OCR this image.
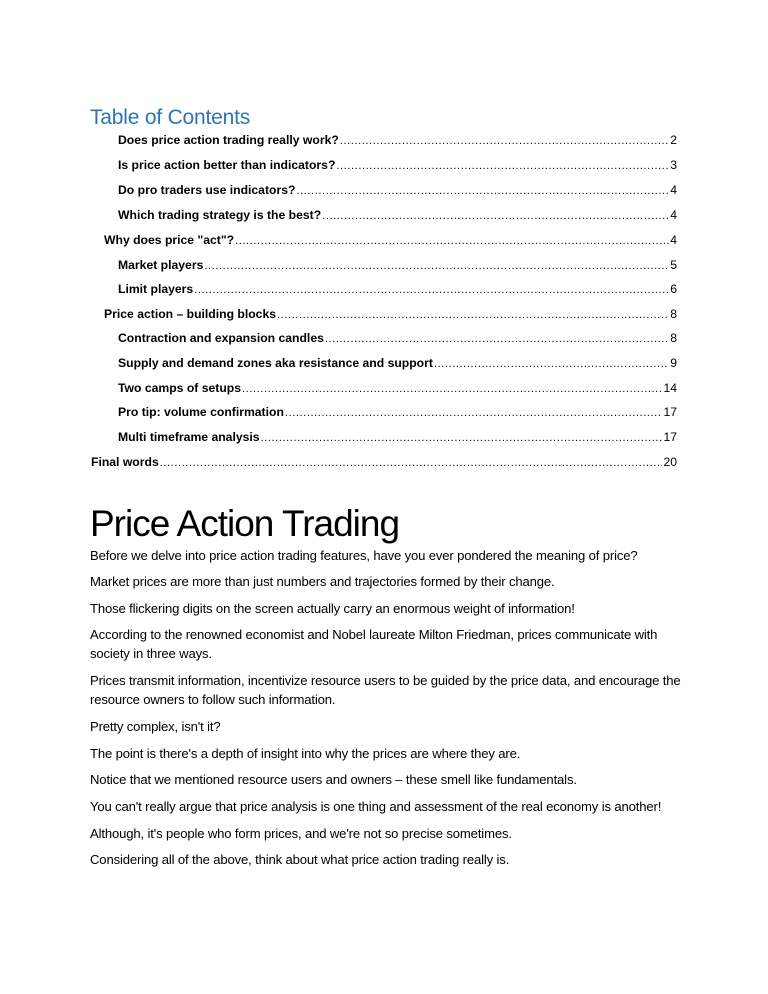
Table of Contents
Does price action trading really work? .....	2
Is price action better than indicators? .....	3
Do pro traders use indicators? .....	4
Which trading strategy is the best? .....	4
Why does price "act"? .....	4
Market players .....	5
Limit players .....	6
Price action – building blocks .....	8
Contraction and expansion candles .....	8
Supply and demand zones aka resistance and support .....	9
Two camps of setups .....	14
Pro tip: volume confirmation .....	17
Multi timeframe analysis .....	17
Final words .....	20
Price Action Trading

Before we delve into price action trading features, have you ever pondered the meaning of price?

Market prices are more than just numbers and trajectories formed by their change.

Those flickering digits on the screen actually carry an enormous weight of information!

According to the renowned economist and Nobel laureate Milton Friedman, prices communicate with society in three ways.

Prices transmit information, incentivize resource users to be guided by the price data, and encourage the resource owners to follow such information.

Pretty complex, isn't it?

The point is there's a depth of insight into why the prices are where they are.

Notice that we mentioned resource users and owners – these smell like fundamentals.

You can't really argue that price analysis is one thing and assessment of the real economy is another!

Although, it's people who form prices, and we're not so precise sometimes.

Considering all of the above, think about what price action trading really is.
